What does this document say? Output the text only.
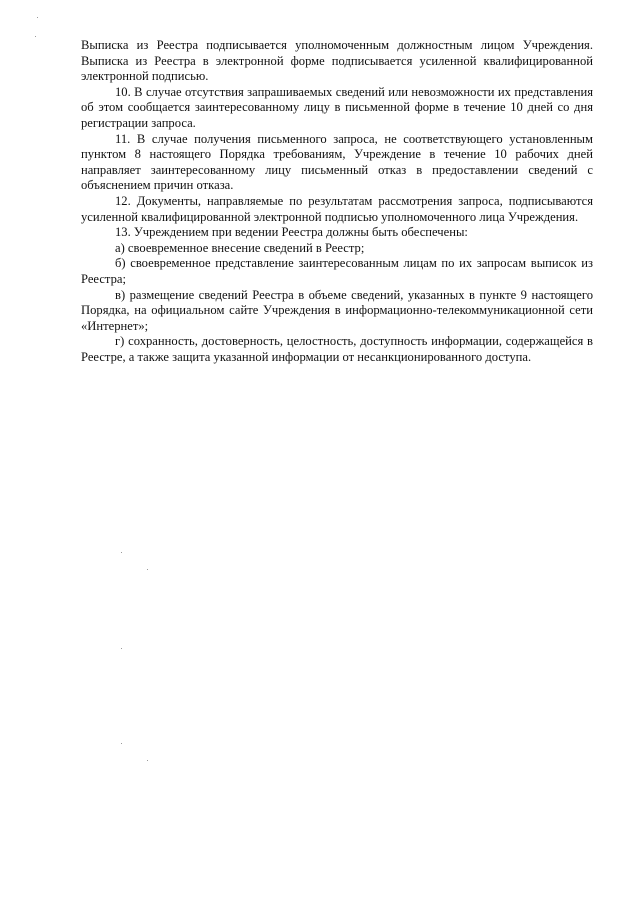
Выписка из Реестра подписывается уполномоченным должностным лицом Учреждения. Выписка из Реестра в электронной форме подписывается усиленной квалифицированной электронной подписью.

10. В случае отсутствия запрашиваемых сведений или невозможности их представления об этом сообщается заинтересованному лицу в письменной форме в течение 10 дней со дня регистрации запроса.

11. В случае получения письменного запроса, не соответствующего установленным пунктом 8 настоящего Порядка требованиям, Учреждение в течение 10 рабочих дней направляет заинтересованному лицу письменный отказ в предоставлении сведений с объяснением причин отказа.

12. Документы, направляемые по результатам рассмотрения запроса, подписываются усиленной квалифицированной электронной подписью уполномоченного лица Учреждения.

13. Учреждением при ведении Реестра должны быть обеспечены:

а) своевременное внесение сведений в Реестр;

б) своевременное представление заинтересованным лицам по их запросам выписок из Реестра;

в) размещение сведений Реестра в объеме сведений, указанных в пункте 9 настоящего Порядка, на официальном сайте Учреждения в информационно-телекоммуникационной сети «Интернет»;

г) сохранность, достоверность, целостность, доступность информации, содержащейся в Реестре, а также защита указанной информации от несанкционированного доступа.
